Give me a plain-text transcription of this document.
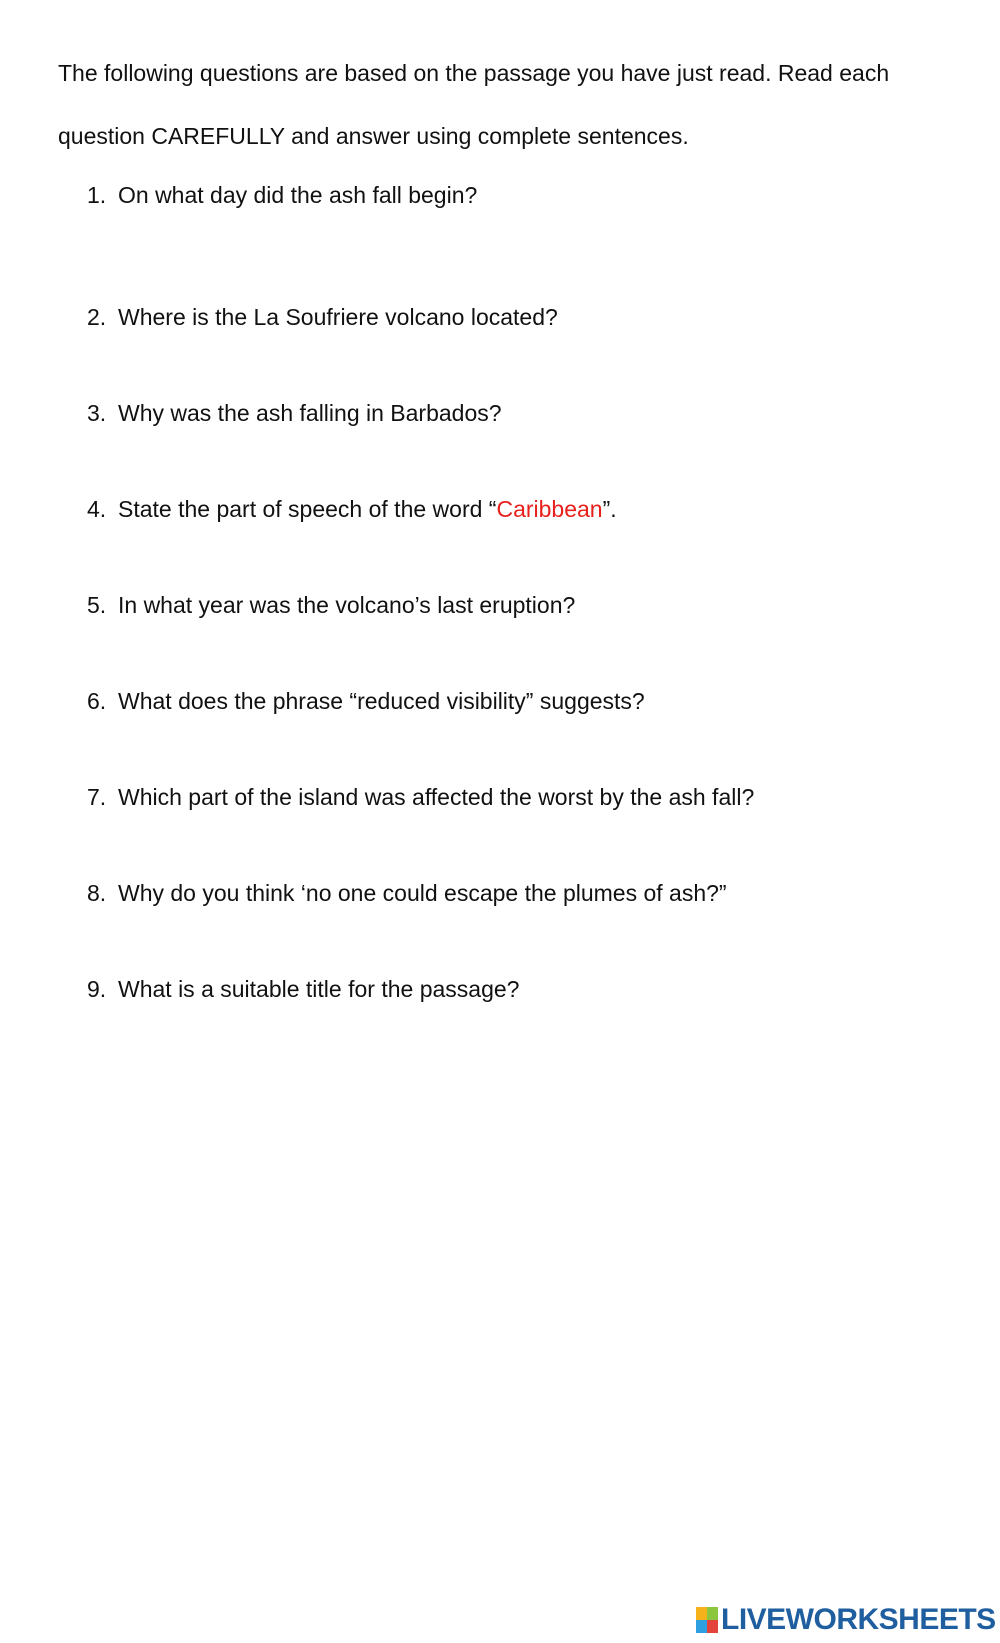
The following questions are based on the passage you have just read. Read each
question CAREFULLY and answer using complete sentences.
1. On what day did the ash fall begin?
2. Where is the La Soufriere volcano located?
3. Why was the ash falling in Barbados?
4. State the part of speech of the word “Caribbean”.
5. In what year was the volcano’s last eruption?
6. What does the phrase “reduced visibility” suggests?
7. Which part of the island was affected the worst by the ash fall?
8. Why do you think ‘no one could escape the plumes of ash?”
9. What is a suitable title for the passage?
LIVEWORKSHEETS
